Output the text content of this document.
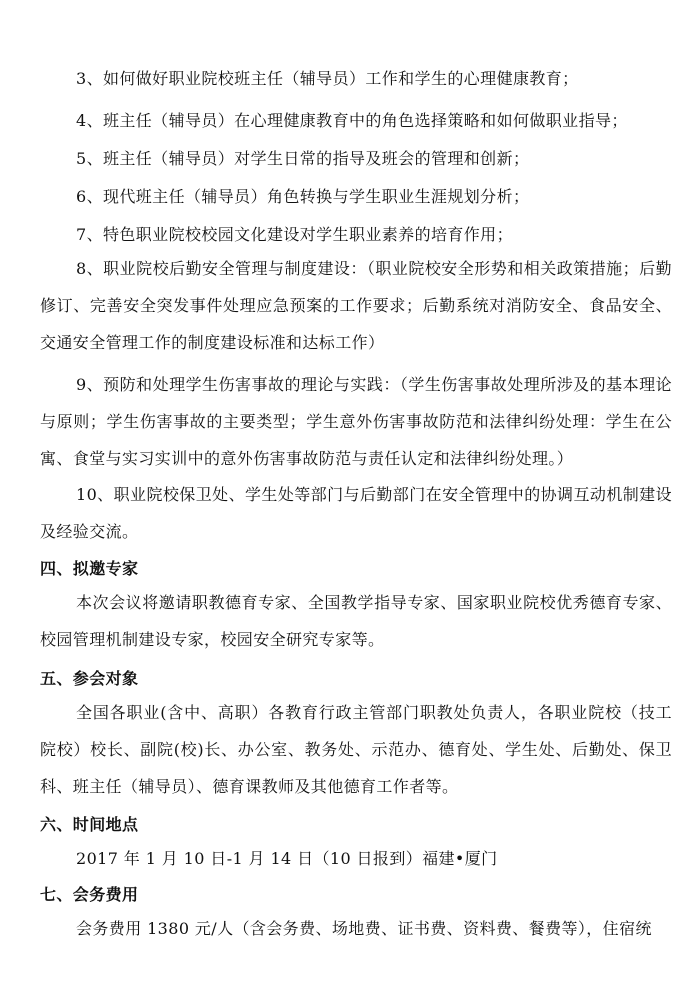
3、如何做好职业院校班主任（辅导员）工作和学生的心理健康教育；

4、班主任（辅导员）在心理健康教育中的角色选择策略和如何做职业指导；

5、班主任（辅导员）对学生日常的指导及班会的管理和创新；

6、现代班主任（辅导员）角色转换与学生职业生涯规划分析；

7、特色职业院校校园文化建设对学生职业素养的培育作用；

8、职业院校后勤安全管理与制度建设：（职业院校安全形势和相关政策措施；后勤修订、完善安全突发事件处理应急预案的工作要求；后勤系统对消防安全、食品安全、交通安全管理工作的制度建设标准和达标工作）

9、预防和处理学生伤害事故的理论与实践：（学生伤害事故处理所涉及的基本理论与原则；学生伤害事故的主要类型；学生意外伤害事故防范和法律纠纷处理：学生在公寓、食堂与实习实训中的意外伤害事故防范与责任认定和法律纠纷处理。）

10、职业院校保卫处、学生处等部门与后勤部门在安全管理中的协调互动机制建设及经验交流。

四、拟邀专家

本次会议将邀请职教德育专家、全国教学指导专家、国家职业院校优秀德育专家、校园管理机制建设专家，校园安全研究专家等。

五、参会对象

全国各职业(含中、高职）各教育行政主管部门职教处负责人，各职业院校（技工院校）校长、副院(校)长、办公室、教务处、示范办、德育处、学生处、后勤处、保卫科、班主任（辅导员）、德育课教师及其他德育工作者等。

六、时间地点

2017 年 1 月 10 日-1 月 14 日（10 日报到）福建•厦门

七、会务费用

会务费用 1380 元/人（含会务费、场地费、证书费、资料费、餐费等），住宿统
